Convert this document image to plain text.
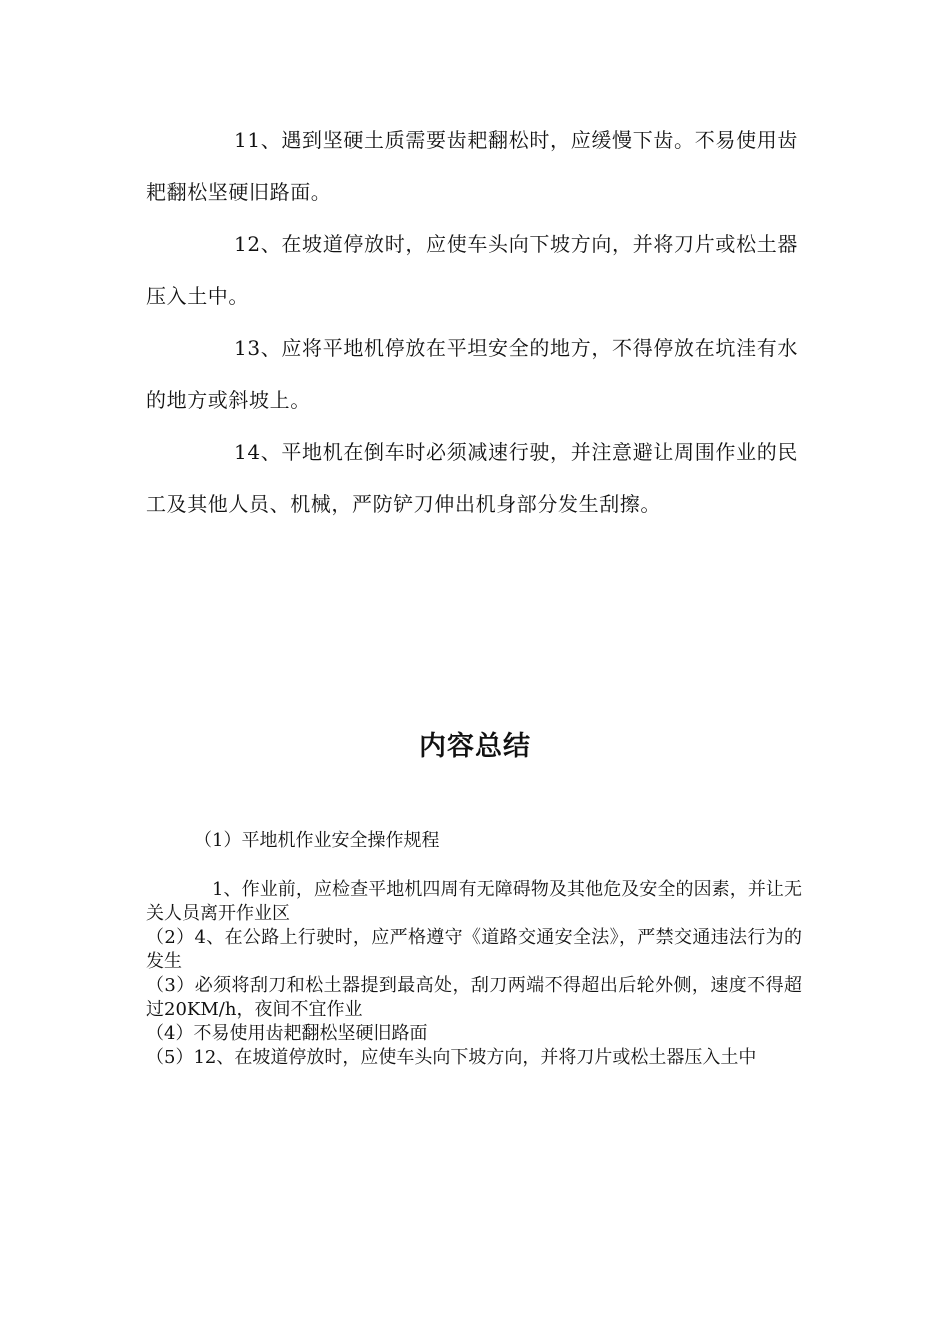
11、遇到坚硬土质需要齿耙翻松时，应缓慢下齿。不易使用齿耙翻松坚硬旧路面。

12、在坡道停放时，应使车头向下坡方向，并将刀片或松土器压入土中。

13、应将平地机停放在平坦安全的地方，不得停放在坑洼有水的地方或斜坡上。

14、平地机在倒车时必须减速行驶，并注意避让周围作业的民工及其他人员、机械，严防铲刀伸出机身部分发生刮擦。

内容总结

（1）平地机作业安全操作规程

1、作业前，应检查平地机四周有无障碍物及其他危及安全的因素，并让无关人员离开作业区

（2）4、在公路上行驶时，应严格遵守《道路交通安全法》，严禁交通违法行为的发生

（3）必须将刮刀和松土器提到最高处，刮刀两端不得超出后轮外侧，速度不得超过20KM/h，夜间不宜作业

（4）不易使用齿耙翻松坚硬旧路面

（5）12、在坡道停放时，应使车头向下坡方向，并将刀片或松土器压入土中
